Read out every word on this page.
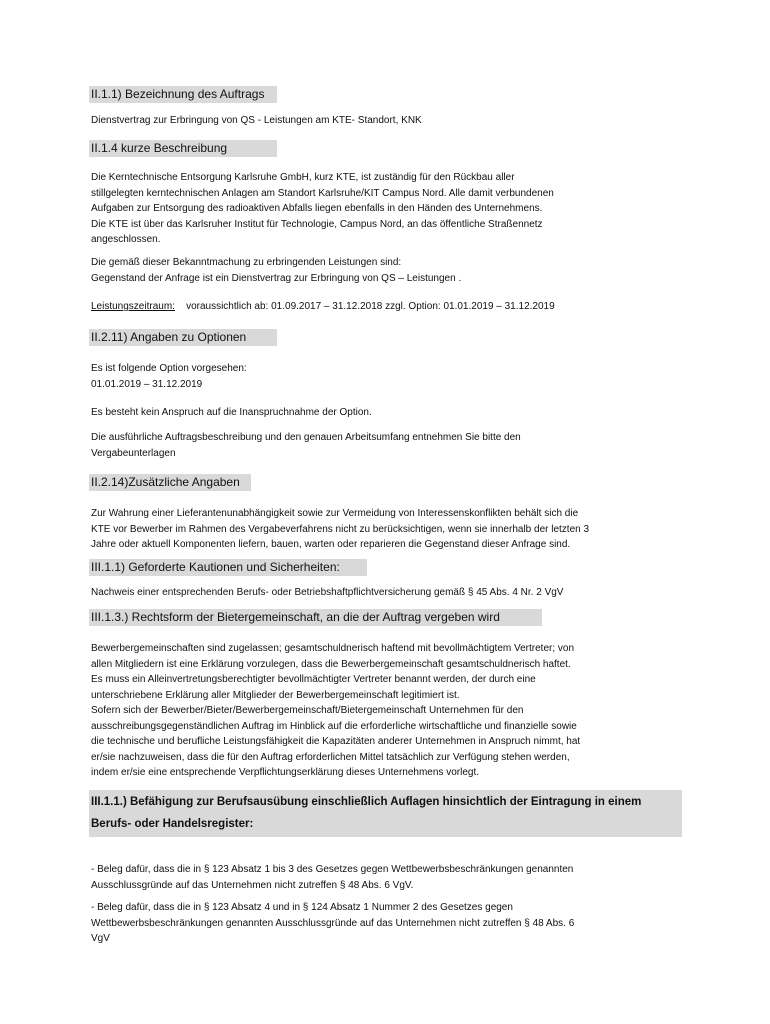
II.1.1) Bezeichnung des Auftrags
Dienstvertrag zur Erbringung von QS - Leistungen am KTE- Standort, KNK
II.1.4 kurze Beschreibung
Die Kerntechnische Entsorgung Karlsruhe GmbH, kurz KTE, ist zuständig für den Rückbau aller
stillgelegten kerntechnischen Anlagen am Standort Karlsruhe/KIT Campus Nord. Alle damit verbundenen
Aufgaben zur Entsorgung des radioaktiven Abfalls liegen ebenfalls in den Händen des Unternehmens.
Die KTE ist über das Karlsruher Institut für Technologie, Campus Nord, an das öffentliche Straßennetz
angeschlossen.
Die gemäß dieser Bekanntmachung zu erbringenden Leistungen sind:
Gegenstand der Anfrage ist ein Dienstvertrag zur Erbringung von QS – Leistungen .
Leistungszeitraum: voraussichtlich ab: 01.09.2017 – 31.12.2018 zzgl. Option: 01.01.2019 – 31.12.2019
II.2.11) Angaben zu Optionen
Es ist folgende Option vorgesehen:
01.01.2019 – 31.12.2019
Es besteht kein Anspruch auf die Inanspruchnahme der Option.
Die ausführliche Auftragsbeschreibung und den genauen Arbeitsumfang entnehmen Sie bitte den
Vergabeunterlagen
II.2.14)Zusätzliche Angaben
Zur Wahrung einer Lieferantenunabhängigkeit sowie zur Vermeidung von Interessenskonflikten behält sich die
KTE vor Bewerber im Rahmen des Vergabeverfahrens nicht zu berücksichtigen, wenn sie innerhalb der letzten 3
Jahre oder aktuell Komponenten liefern, bauen, warten oder reparieren die Gegenstand dieser Anfrage sind.
III.1.1) Geforderte Kautionen und Sicherheiten:
Nachweis einer entsprechenden Berufs- oder Betriebshaftpflichtversicherung gemäß § 45 Abs. 4 Nr. 2 VgV
III.1.3.) Rechtsform der Bietergemeinschaft, an die der Auftrag vergeben wird
Bewerbergemeinschaften sind zugelassen; gesamtschuldnerisch haftend mit bevollmächtigtem Vertreter; von
allen Mitgliedern ist eine Erklärung vorzulegen, dass die Bewerbergemeinschaft gesamtschuldnerisch haftet.
Es muss ein Alleinvertretungsberechtigter bevollmächtigter Vertreter benannt werden, der durch eine
unterschriebene Erklärung aller Mitglieder der Bewerbergemeinschaft legitimiert ist.
Sofern sich der Bewerber/Bieter/Bewerbergemeinschaft/Bietergemeinschaft Unternehmen für den
ausschreibungsgegenständlichen Auftrag im Hinblick auf die erforderliche wirtschaftliche und finanzielle sowie
die technische und berufliche Leistungsfähigkeit die Kapazitäten anderer Unternehmen in Anspruch nimmt, hat
er/sie nachzuweisen, dass die für den Auftrag erforderlichen Mittel tatsächlich zur Verfügung stehen werden,
indem er/sie eine entsprechende Verpflichtungserklärung dieses Unternehmens vorlegt.
III.1.1.) Befähigung zur Berufsausübung einschließlich Auflagen hinsichtlich der Eintragung in einem
Berufs- oder Handelsregister:
- Beleg dafür, dass die in § 123 Absatz 1 bis 3 des Gesetzes gegen Wettbewerbsbeschränkungen genannten
Ausschlussgründe auf das Unternehmen nicht zutreffen § 48 Abs. 6 VgV.
- Beleg dafür, dass die in § 123 Absatz 4 und in § 124 Absatz 1 Nummer 2 des Gesetzes gegen
Wettbewerbsbeschränkungen genannten Ausschlussgründe auf das Unternehmen nicht zutreffen § 48 Abs. 6
VgV
